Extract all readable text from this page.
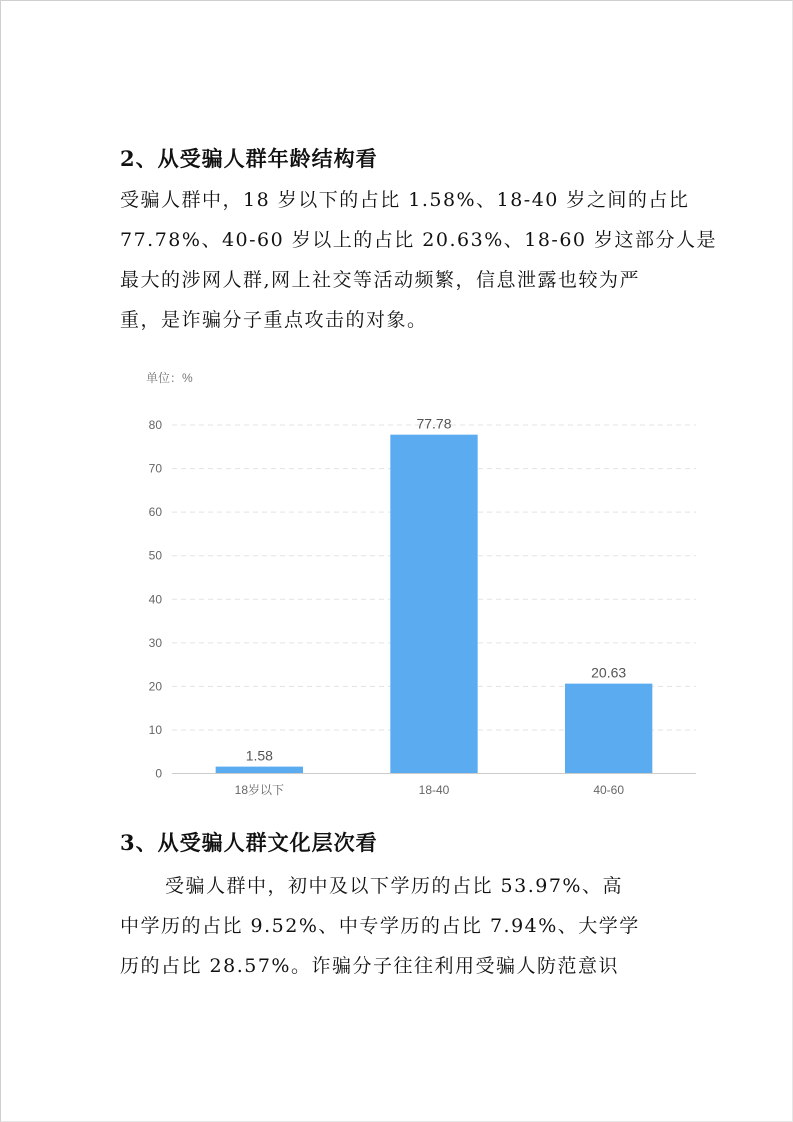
2、从受骗人群年龄结构看
受骗人群中，18 岁以下的占比 1.58%、18-40 岁之间的占比
77.78%、40-60 岁以上的占比 20.63%、18-60 岁这部分人是
最大的涉网人群,网上社交等活动频繁，信息泄露也较为严
重，是诈骗分子重点攻击的对象。
单位：%
0
10
20
30
40
50
60
70
80
1.58
77.78
20.63
18岁以下	18-40	40-60
3、从受骗人群文化层次看
受骗人群中，初中及以下学历的占比 53.97%、高
中学历的占比 9.52%、中专学历的占比 7.94%、大学学
历的占比 28.57%。诈骗分子往往利用受骗人防范意识
